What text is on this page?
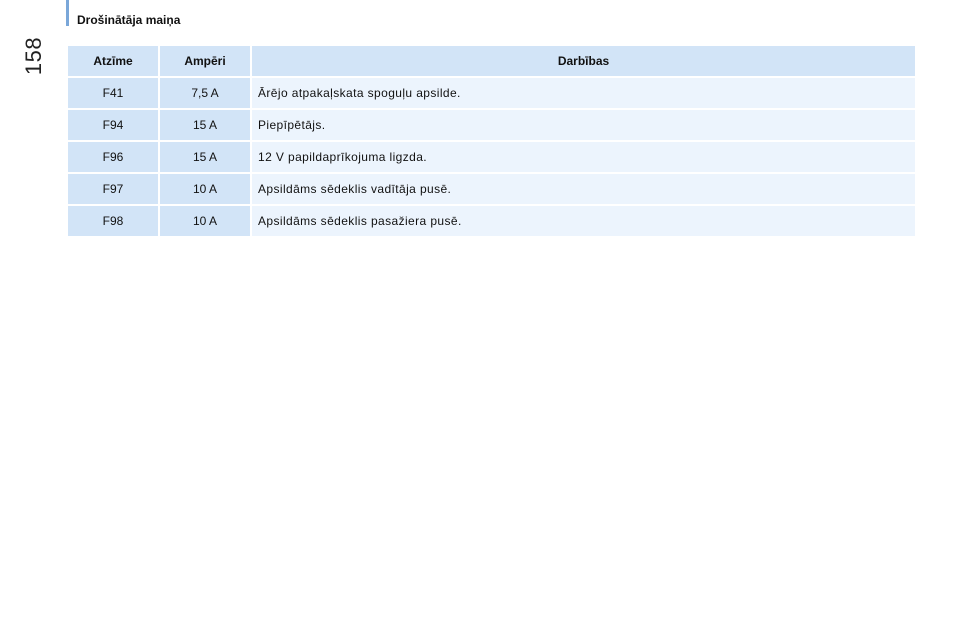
158
Drošinātāja maiņa
Atzīme	Ampēri	Darbības
F41	7,5 A	Ārējo atpakaļskata spoguļu apsilde.
F94	15 A	Piepīpētājs.
F96	15 A	12 V papildaprīkojuma ligzda.
F97	10 A	Apsildāms sēdeklis vadītāja pusē.
F98	10 A	Apsildāms sēdeklis pasažiera pusē.
